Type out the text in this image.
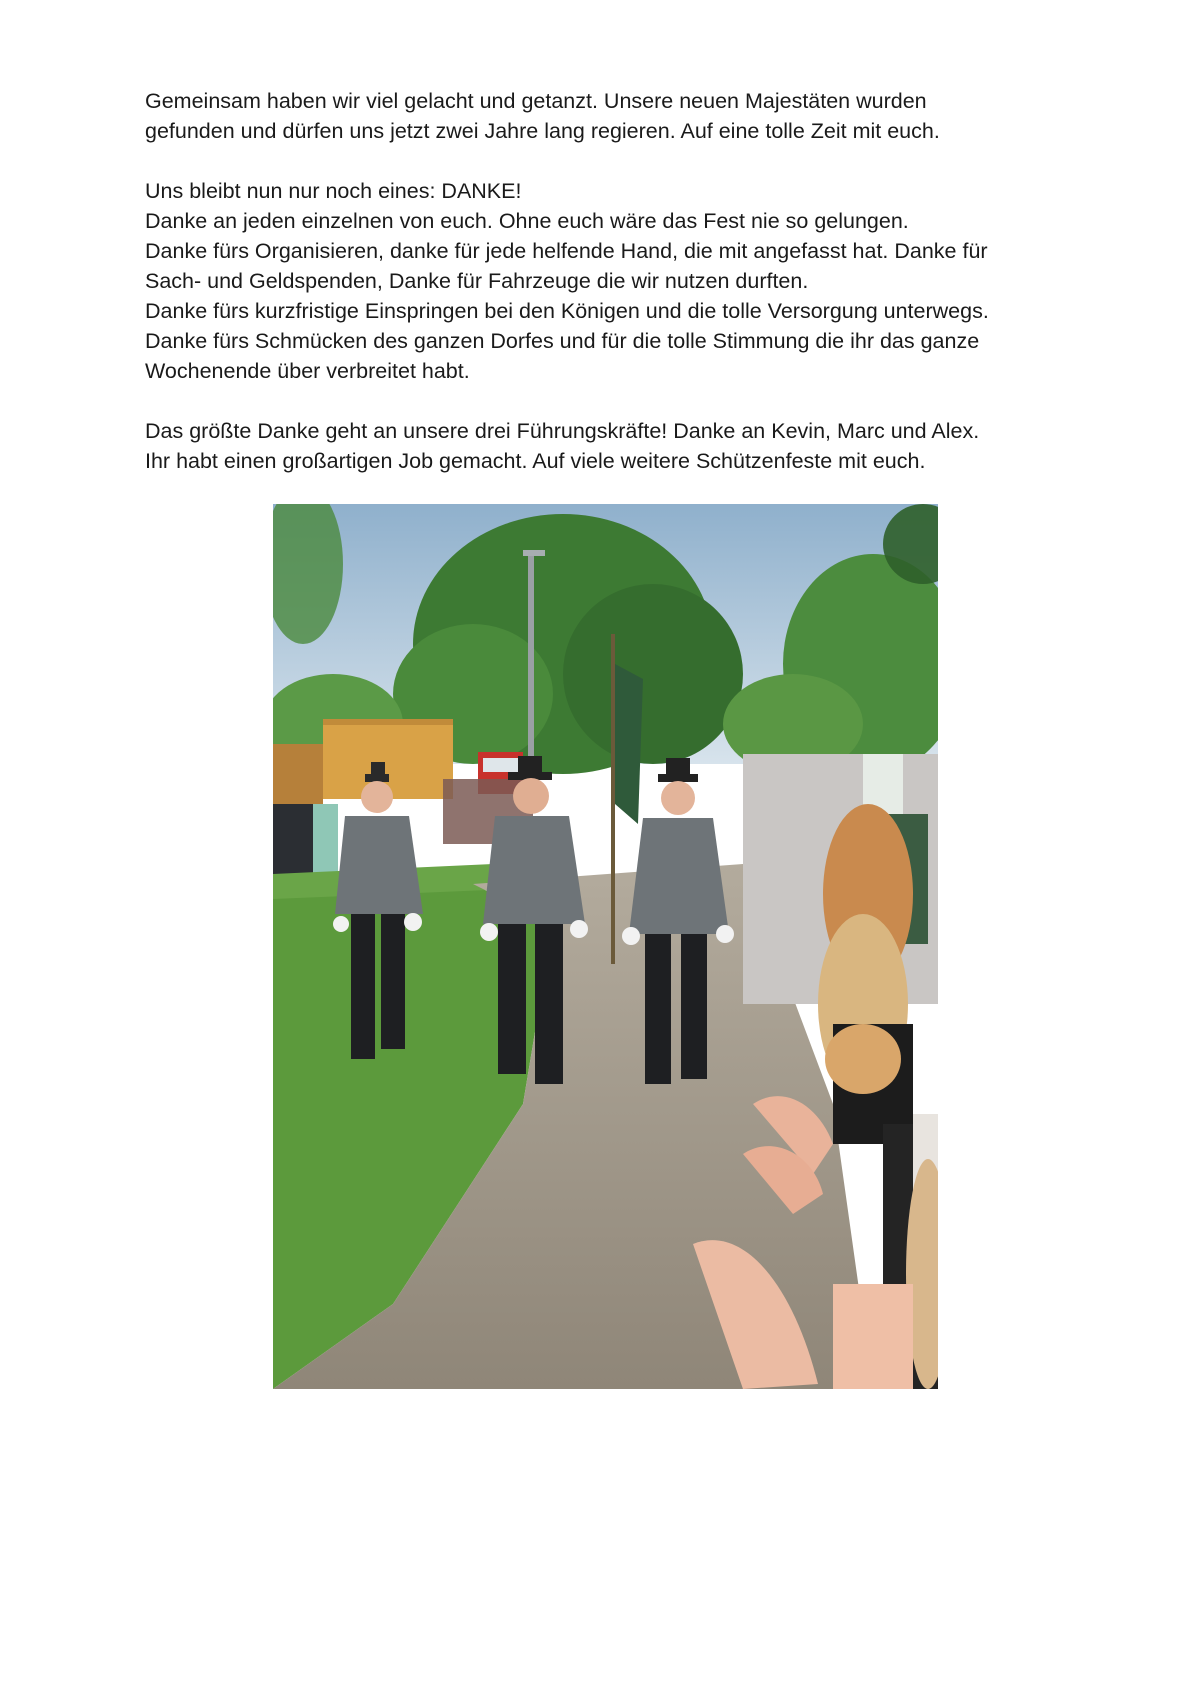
Gemeinsam haben wir viel gelacht und getanzt. Unsere neuen Majestäten wurden
gefunden und dürfen uns jetzt zwei Jahre lang regieren. Auf eine tolle Zeit mit euch.

Uns bleibt nun nur noch eines: DANKE!
Danke an jeden einzelnen von euch. Ohne euch wäre das Fest nie so gelungen.
Danke fürs Organisieren, danke für jede helfende Hand, die mit angefasst hat. Danke für
Sach- und Geldspenden, Danke für Fahrzeuge die wir nutzen durften.
Danke fürs kurzfristige Einspringen bei den Königen und die tolle Versorgung unterwegs.
Danke fürs Schmücken des ganzen Dorfes und für die tolle Stimmung die ihr das ganze
Wochenende über verbreitet habt.

Das größte Danke geht an unsere drei Führungskräfte! Danke an Kevin, Marc und Alex.
Ihr habt einen großartigen Job gemacht. Auf viele weitere Schützenfeste mit euch.
